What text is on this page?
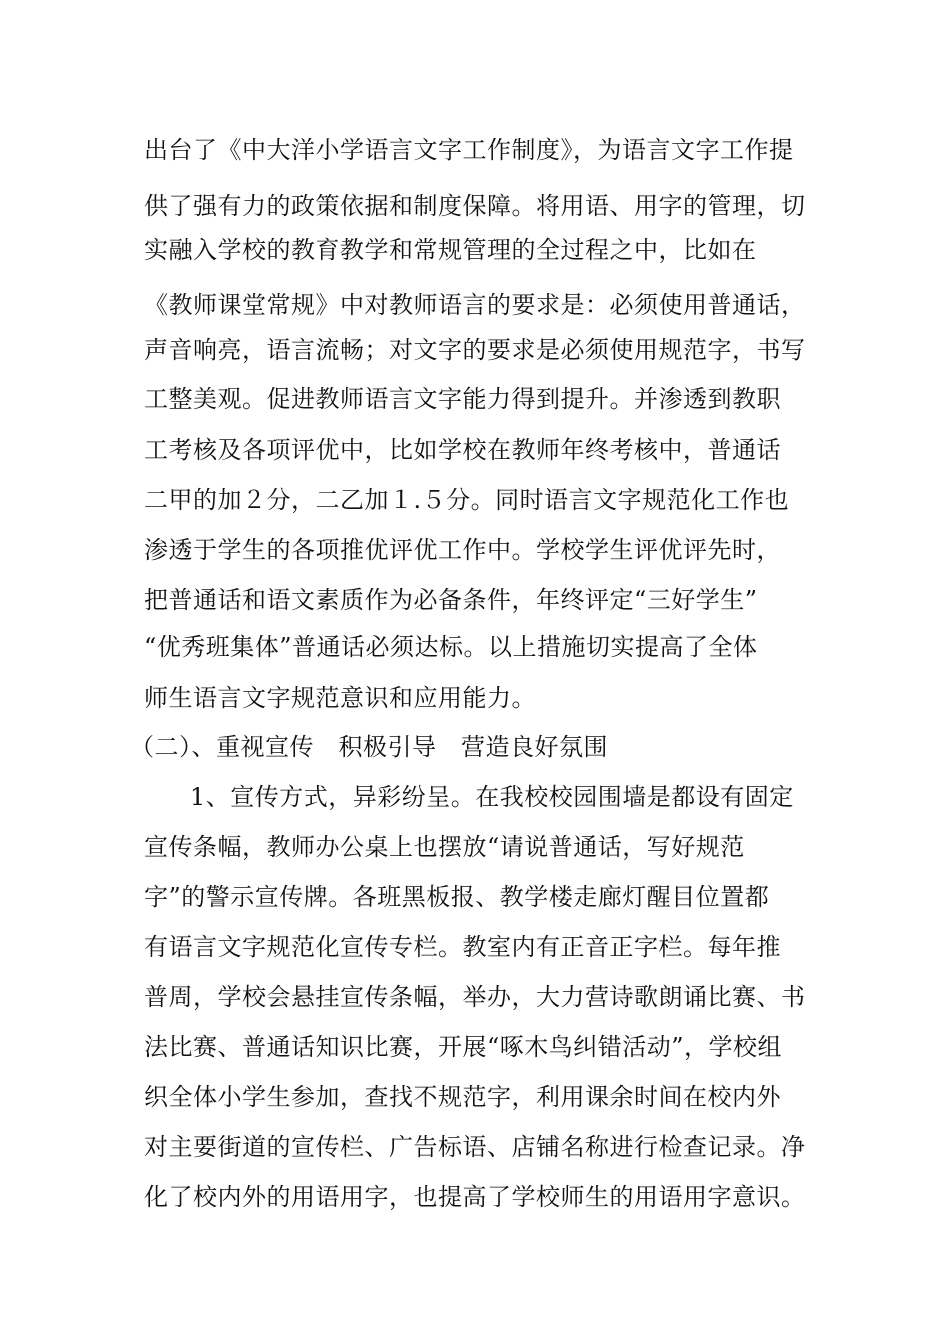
出台了《中大洋小学语言文字工作制度》，为语言文字工作提
供了强有力的政策依据和制度保障。将用语、用字的管理，切
实融入学校的教育教学和常规管理的全过程之中，比如在
《教师课堂常规》中对教师语言的要求是：必须使用普通话，
声音响亮，语言流畅；对文字的要求是必须使用规范字，书写
工整美观。促进教师语言文字能力得到提升。并渗透到教职
工考核及各项评优中，比如学校在教师年终考核中，普通话
二甲的加２分，二乙加１.５分。同时语言文字规范化工作也
渗透于学生的各项推优评优工作中。学校学生评优评先时，
把普通话和语文素质作为必备条件，年终评定“三好学生”
“优秀班集体”普通话必须达标。以上措施切实提高了全体
师生语言文字规范意识和应用能力。
（二）、重视宣传　积极引导　营造良好氛围
1、宣传方式，异彩纷呈。在我校校园围墙是都设有固定
宣传条幅，教师办公桌上也摆放“请说普通话，写好规范
字”的警示宣传牌。各班黑板报、教学楼走廊灯醒目位置都
有语言文字规范化宣传专栏。教室内有正音正字栏。每年推
普周，学校会悬挂宣传条幅，举办，大力营诗歌朗诵比赛、书
法比赛、普通话知识比赛，开展“啄木鸟纠错活动”，学校组
织全体小学生参加，查找不规范字，利用课余时间在校内外
对主要街道的宣传栏、广告标语、店铺名称进行检查记录。净
化了校内外的用语用字，也提高了学校师生的用语用字意识。
